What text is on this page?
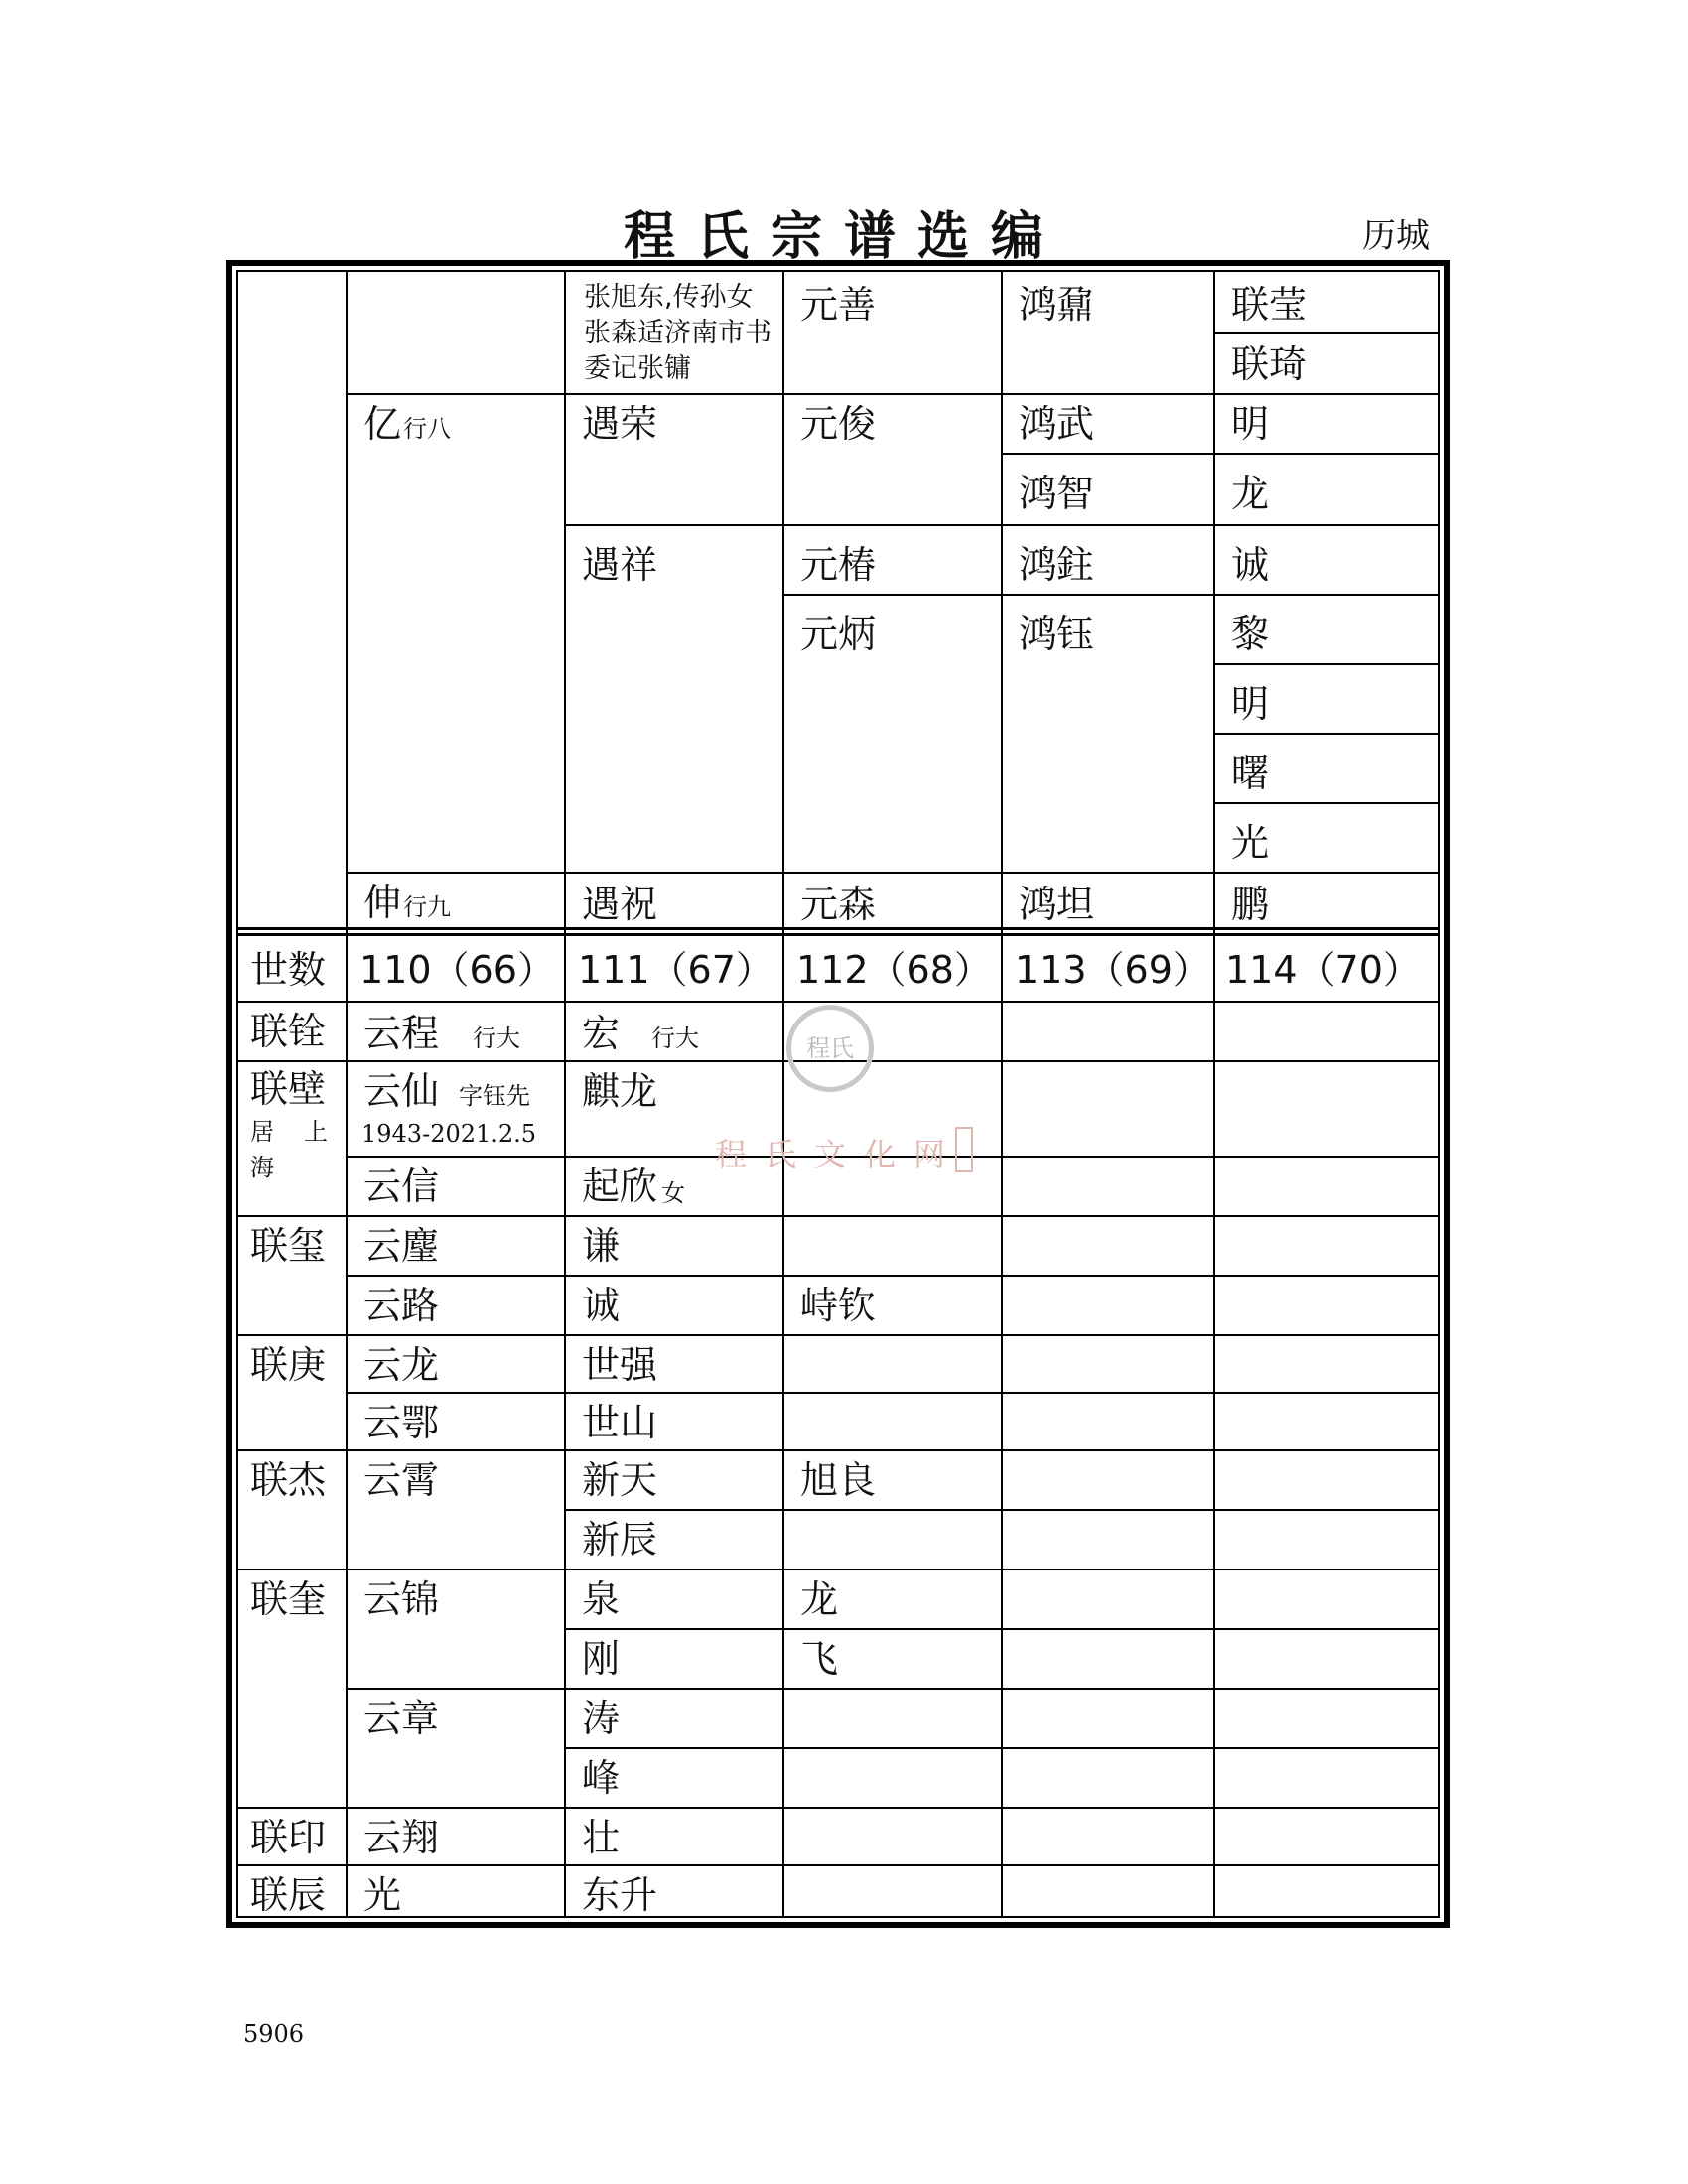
程氏宗谱选编	历城
张旭东,传孙女张森适济南市书委记张镛
亿 行八
伸 行九
遇荣
遇祥
遇祝
元善
元俊
元椿
元炳
元森
鸿鼐
鸿武
鸿智
鸿鉒
鸿钰
鸿坦
联莹
联琦
明
龙
诚
黎
明
曙
光
鹏
世数 110（66） 111（67） 112（68） 113（69） 114（70）
联铨
联壁
居 上
海
联玺
联庚
联杰
联奎
联印
联辰
云程 行大
云仙 字钰先
1943-2021.2.5
云信
云麈
云路
云龙
云鄂
云霄
云锦
云章
云翔
光
宏 行大
麒龙
起欣 女
谦
诚
世强
世山
新天
新辰
泉
刚
涛
峰
壮
东升
峙钦
旭良
龙
飞
程氏
程氏文化网
5906
